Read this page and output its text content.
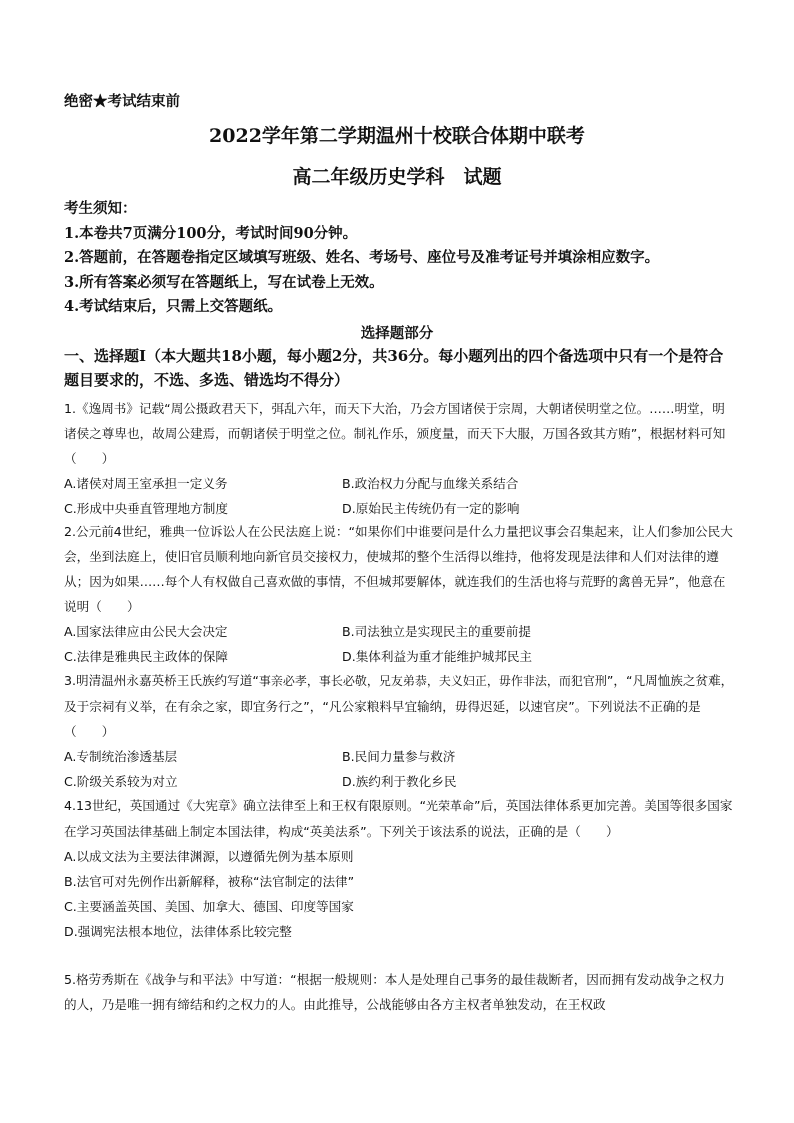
绝密★考试结束前
2022学年第二学期温州十校联合体期中联考
高二年级历史学科　试题
考生须知：
1.本卷共7页满分100分，考试时间90分钟。
2.答题前，在答题卷指定区域填写班级、姓名、考场号、座位号及准考证号并填涂相应数字。
3.所有答案必须写在答题纸上，写在试卷上无效。
4.考试结束后，只需上交答题纸。
选择题部分
一、选择题Ⅰ（本大题共18小题，每小题2分，共36分。每小题列出的四个备选项中只有一个是符合题目要求的，不选、多选、错选均不得分）

1.《逸周书》记载“周公摄政君天下，弭乱六年，而天下大治，乃会方国诸侯于宗周，大朝诸侯明堂之位。……明堂，明诸侯之尊卑也，故周公建焉，而朝诸侯于明堂之位。制礼作乐，颁度量，而天下大服，万国各致其方贿”，根据材料可知（　　）

A.诸侯对周王室承担一定义务	B.政治权力分配与血缘关系结合
C.形成中央垂直管理地方制度	D.原始民主传统仍有一定的影响

2.公元前4世纪，雅典一位诉讼人在公民法庭上说：“如果你们中谁要问是什么力量把议事会召集起来，让人们参加公民大会，坐到法庭上，使旧官员顺利地向新官员交接权力，使城邦的整个生活得以维持，他将发现是法律和人们对法律的遵从；因为如果……每个人有权做自己喜欢做的事情，不但城邦要解体，就连我们的生活也将与荒野的禽兽无异”，他意在说明（　　）

A.国家法律应由公民大会决定	B.司法独立是实现民主的重要前提
C.法律是雅典民主政体的保障	D.集体利益为重才能维护城邦民主

3.明清温州永嘉英桥王氏族约写道“事亲必孝，事长必敬，兄友弟恭，夫义妇正，毋作非法，而犯官刑”，“凡周恤族之贫难，及于宗祠有义举，在有余之家，即宜务行之”，“凡公家粮料早宜输纳，毋得迟延，以速官戾”。下列说法不正确的是（　　）

A.专制统治渗透基层	B.民间力量参与救济
C.阶级关系较为对立	D.族约利于教化乡民

4.13世纪，英国通过《大宪章》确立法律至上和王权有限原则。“光荣革命”后，英国法律体系更加完善。美国等很多国家在学习英国法律基础上制定本国法律，构成“英美法系”。下列关于该法系的说法，正确的是（　　）

A.以成文法为主要法律渊源，以遵循先例为基本原则
B.法官可对先例作出新解释，被称“法官制定的法律”
C.主要涵盖英国、美国、加拿大、德国、印度等国家
D.强调宪法根本地位，法律体系比较完整

5.格劳秀斯在《战争与和平法》中写道：“根据一般规则：本人是处理自己事务的最佳裁断者，因而拥有发动战争之权力的人，乃是唯一拥有缔结和约之权力的人。由此推导，公战能够由各方主权者单独发动，在王权政
